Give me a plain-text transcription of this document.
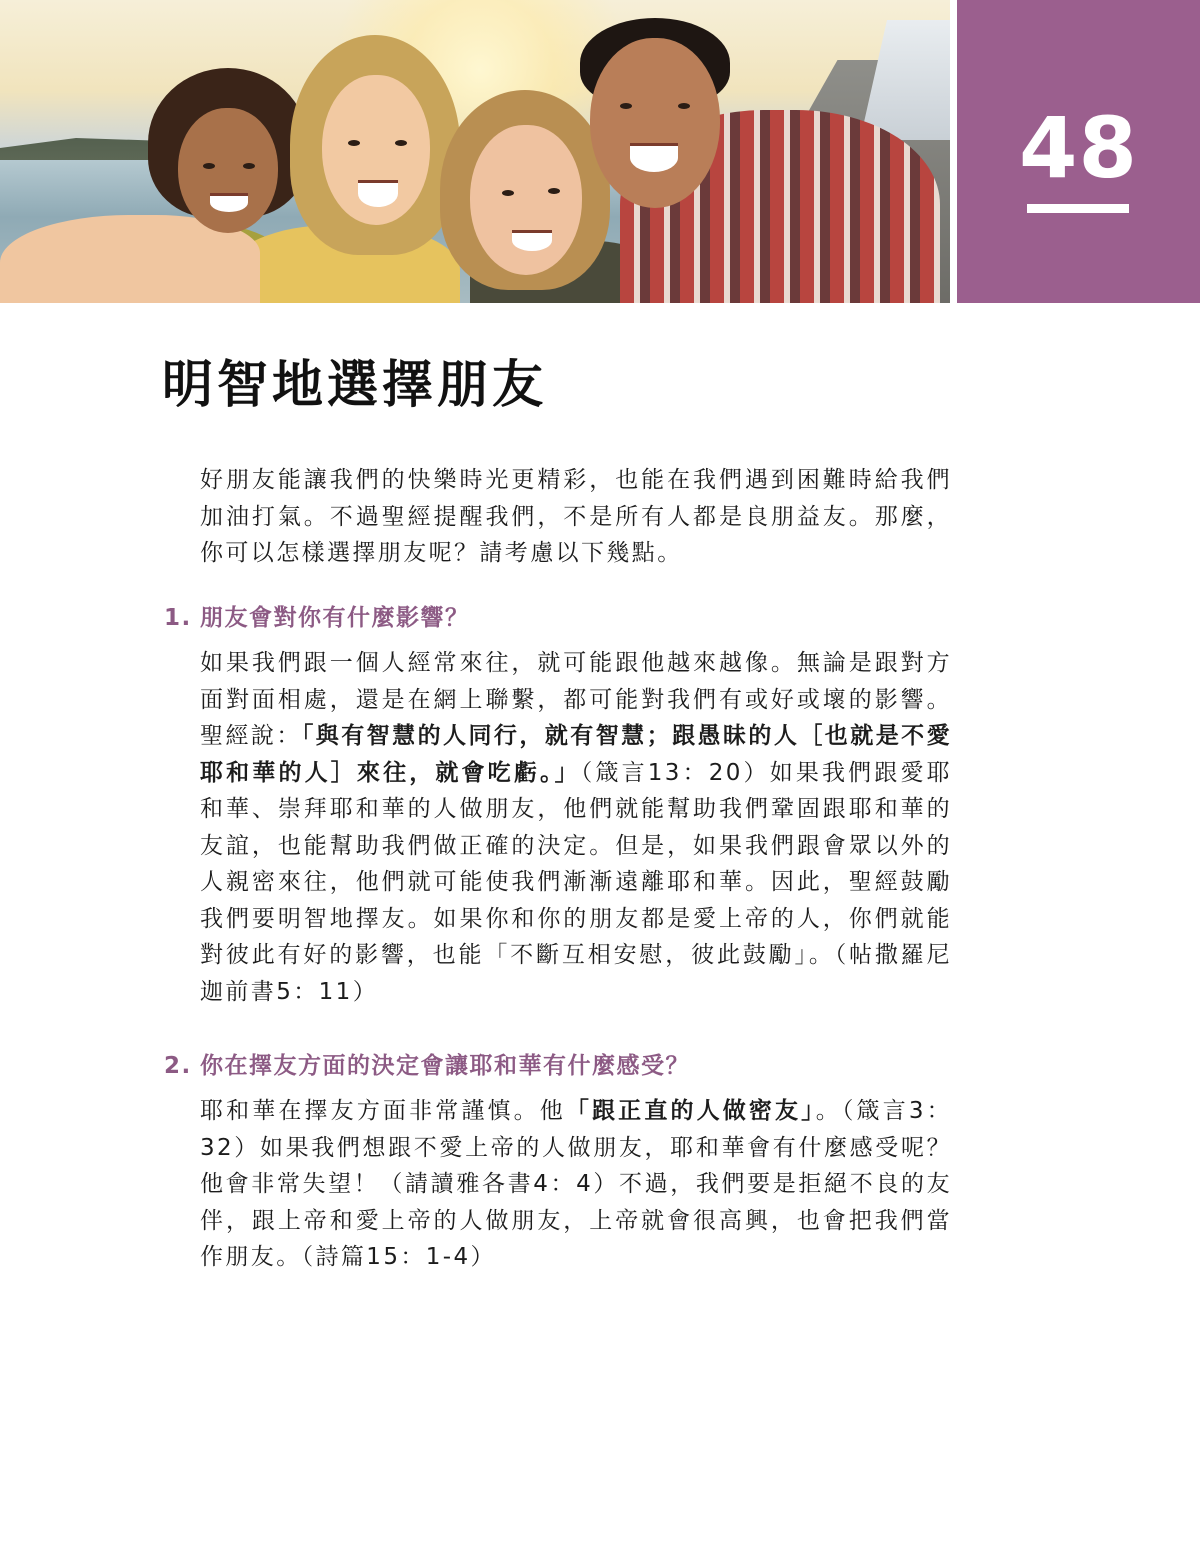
48
明智地選擇朋友

好朋友能讓我們的快樂時光更精彩，也能在我們遇到困難時給我們加油打氣。不過聖經提醒我們，不是所有人都是良朋益友。那麼，你可以怎樣選擇朋友呢？請考慮以下幾點。

1. 朋友會對你有什麼影響？

如果我們跟一個人經常來往，就可能跟他越來越像。無論是跟對方面對面相處，還是在網上聯繫，都可能對我們有或好或壞的影響。聖經說：「與有智慧的人同行，就有智慧；跟愚昧的人［也就是不愛耶和華的人］來往，就會吃虧。」（箴言13：20）如果我們跟愛耶和華、崇拜耶和華的人做朋友，他們就能幫助我們鞏固跟耶和華的友誼，也能幫助我們做正確的決定。但是，如果我們跟會眾以外的人親密來往，他們就可能使我們漸漸遠離耶和華。因此，聖經鼓勵我們要明智地擇友。如果你和你的朋友都是愛上帝的人，你們就能對彼此有好的影響，也能「不斷互相安慰，彼此鼓勵」。（帖撒羅尼迦前書5：11）

2. 你在擇友方面的決定會讓耶和華有什麼感受？

耶和華在擇友方面非常謹慎。他「跟正直的人做密友」。（箴言3：32）如果我們想跟不愛上帝的人做朋友，耶和華會有什麼感受呢？他會非常失望！（請讀雅各書4：4）不過，我們要是拒絕不良的友伴，跟上帝和愛上帝的人做朋友，上帝就會很高興，也會把我們當作朋友。（詩篇15：1-4）
